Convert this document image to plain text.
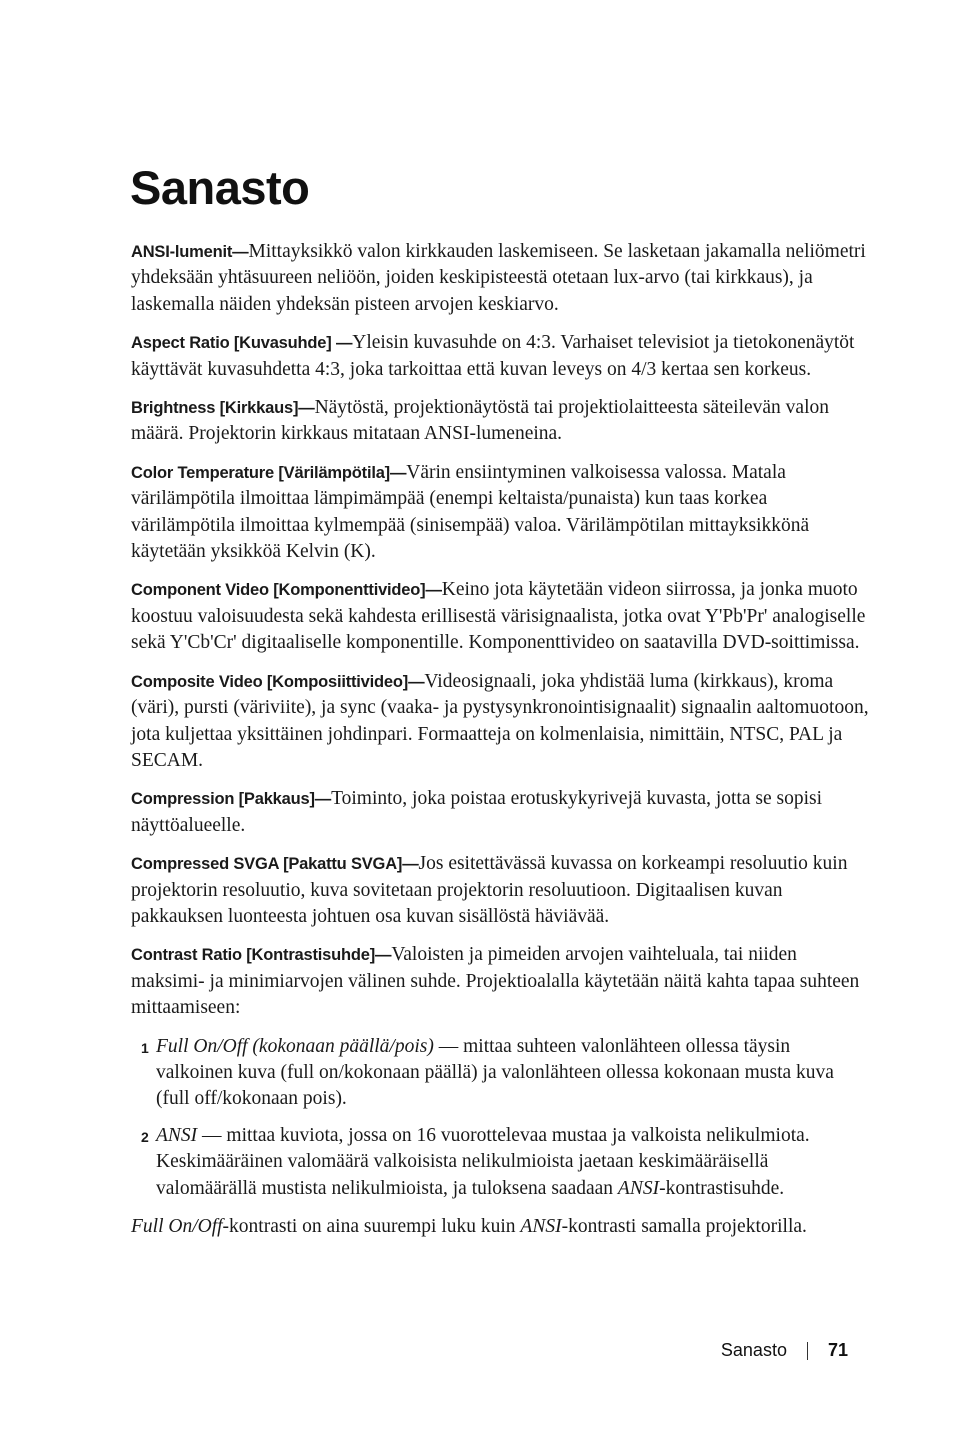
Sanasto

ANSI-lumenit—Mittayksikkö valon kirkkauden laskemiseen. Se lasketaan jakamalla neliömetri yhdeksään yhtäsuureen neliöön, joiden keskipisteestä otetaan lux-arvo (tai kirkkaus), ja laskemalla näiden yhdeksän pisteen arvojen keskiarvo.

Aspect Ratio [Kuvasuhde] —Yleisin kuvasuhde on 4:3. Varhaiset televisiot ja tietokonenäytöt käyttävät kuvasuhdetta 4:3, joka tarkoittaa että kuvan leveys on 4/3 kertaa sen korkeus.

Brightness [Kirkkaus]—Näytöstä, projektionäytöstä tai projektiolaitteesta säteilevän valon määrä. Projektorin kirkkaus mitataan ANSI-lumeneina.

Color Temperature [Värilämpötila]—Värin ensiintyminen valkoisessa valossa. Matala värilämpötila ilmoittaa lämpimämpää (enempi keltaista/punaista) kun taas korkea värilämpötila ilmoittaa kylmempää (sinisempää) valoa. Värilämpötilan mittayksikkönä käytetään yksikköä Kelvin (K).

Component Video [Komponenttivideo]—Keino jota käytetään videon siirrossa, ja jonka muoto koostuu valoisuudesta sekä kahdesta erillisestä värisignaalista, jotka ovat Y'Pb'Pr' analogiselle sekä Y'Cb'Cr' digitaaliselle komponentille. Komponenttivideo on saatavilla DVD-soittimissa.

Composite Video [Komposiittivideo]—Videosignaali, joka yhdistää luma (kirkkaus), kroma (väri), pursti (väriviite), ja sync (vaaka- ja pystysynkronointisignaalit) signaalin aaltomuotoon, jota kuljettaa yksittäinen johdinpari. Formaatteja on kolmenlaisia, nimittäin, NTSC, PAL ja SECAM.

Compression [Pakkaus]—Toiminto, joka poistaa erotuskykyrivejä kuvasta, jotta se sopisi näyttöalueelle.

Compressed SVGA [Pakattu SVGA]—Jos esitettävässä kuvassa on korkeampi resoluutio kuin projektorin resoluutio, kuva sovitetaan projektorin resoluutioon. Digitaalisen kuvan pakkauksen luonteesta johtuen osa kuvan sisällöstä häviävää.

Contrast Ratio [Kontrastisuhde]—Valoisten ja pimeiden arvojen vaihteluala, tai niiden maksimi- ja minimiarvojen välinen suhde. Projektioalalla käytetään näitä kahta tapaa suhteen mittaamiseen:

1 Full On/Off (kokonaan päällä/pois) — mittaa suhteen valonlähteen ollessa täysin valkoinen kuva (full on/kokonaan päällä) ja valonlähteen ollessa kokonaan musta kuva (full off/kokonaan pois).
2 ANSI — mittaa kuviota, jossa on 16 vuorottelevaa mustaa ja valkoista nelikulmiota. Keskimääräinen valomäärä valkoisista nelikulmioista jaetaan keskimääräisellä valomäärällä mustista nelikulmioista, ja tuloksena saadaan ANSI-kontrastisuhde.

Full On/Off-kontrasti on aina suurempi luku kuin ANSI-kontrasti samalla projektorilla.

Sanasto 71
